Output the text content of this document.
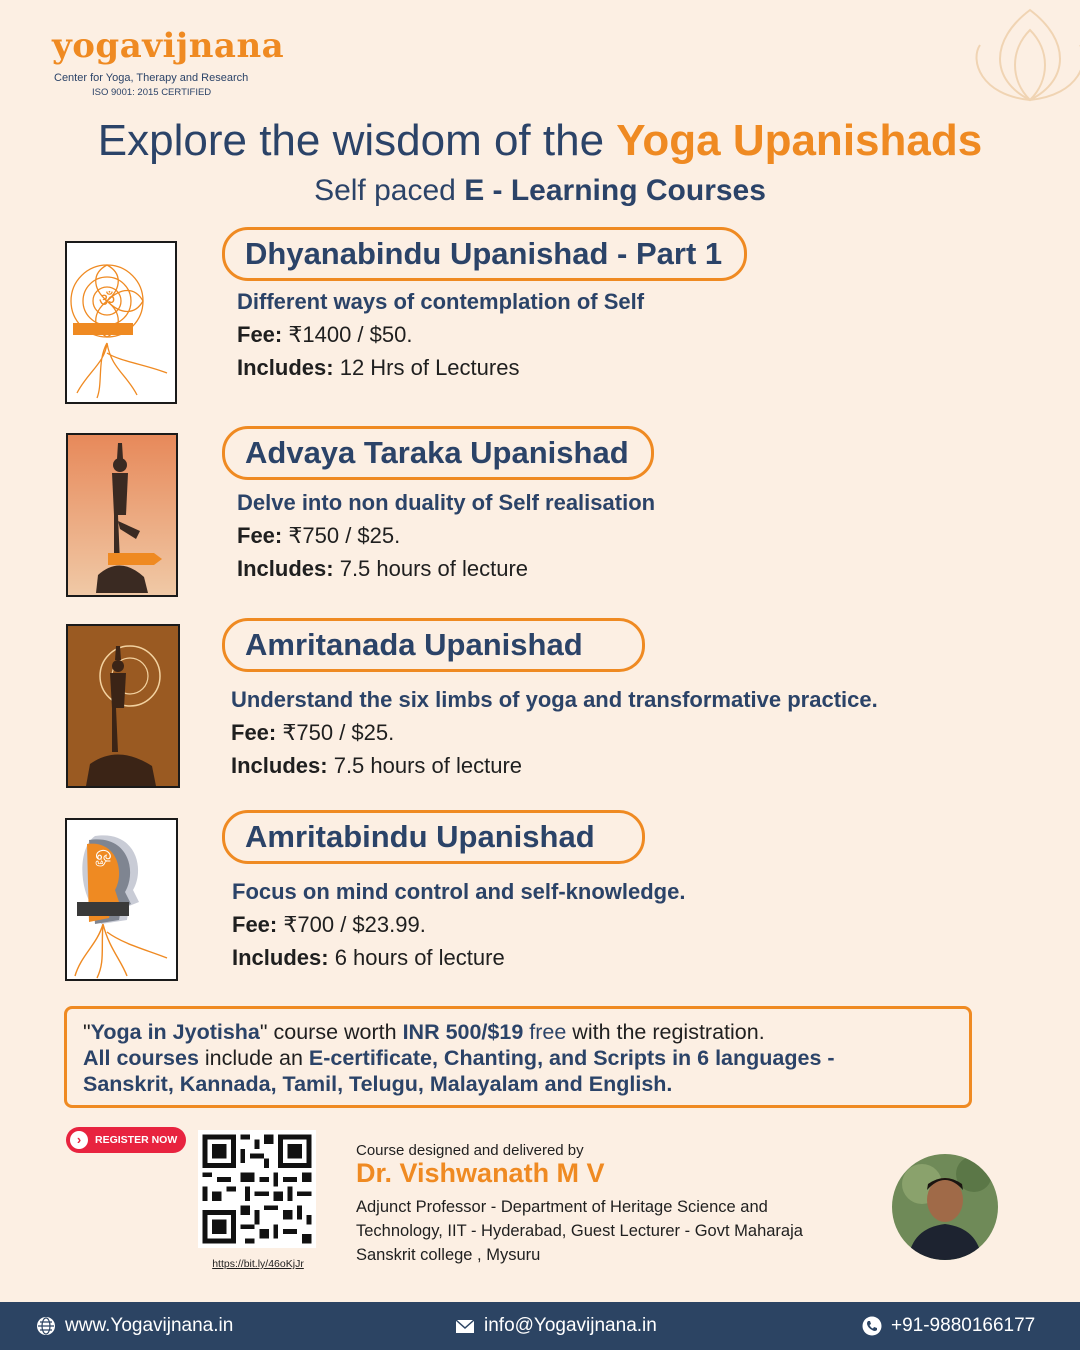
yogavijnana
Center for Yoga, Therapy and Research
ISO 9001: 2015 CERTIFIED
Explore the wisdom of the Yoga Upanishads
Self paced E - Learning Courses
ॐ
Dhyanabindu Upanishad - Part 1
Different ways of contemplation of Self
Fee: ₹1400 / $50.
Includes: 12 Hrs of Lectures
Advaya Taraka Upanishad
Delve into non duality of Self realisation
Fee: ₹750 / $25.
Includes: 7.5 hours of lecture
Amritanada Upanishad
Understand the six limbs of yoga and transformative practice.
Fee: ₹750 / $25.
Includes: 7.5 hours of lecture
ௐ	Amritabindu Upanishad
Focus on mind control and self-knowledge.
Fee: ₹700 / $23.99.
Includes: 6 hours of lecture
"Yoga in Jyotisha" course worth INR 500/$19 free with the registration.
All courses include an E-certificate, Chanting, and Scripts in 6 languages -
Sanskrit, Kannada, Tamil, Telugu, Malayalam and English.
›	REGISTER NOW
https://bit.ly/46oKjJr
Course designed and delivered by
Dr. Vishwanath M V
Adjunct Professor - Department of Heritage Science and Technology, IIT - Hyderabad, Guest Lecturer - Govt Maharaja Sanskrit college , Mysuru
www.Yogavijnana.in	info@Yogavijnana.in	+91-9880166177
